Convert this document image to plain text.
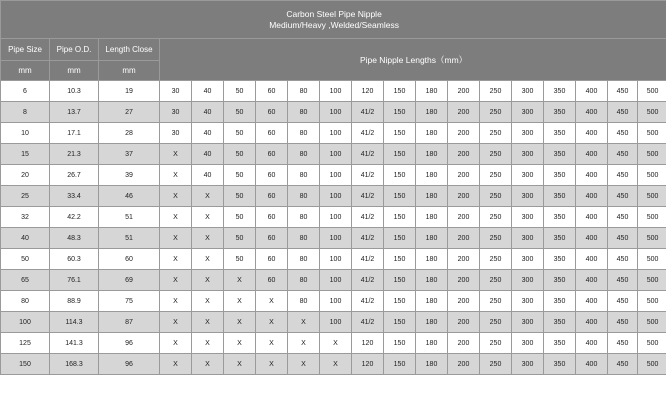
Carbon Steel Pipe Nipple
Medium/Heavy ,Welded/Seamless																		

Pipe Size	Pipe O.D.	Length Close	Pipe Nipple Lengths（mm）															
mm	mm	mm																
6	10.3	19	30	40	50	60	80	100	120	150	180	200	250	300	350	400	450	500
8	13.7	27	30	40	50	60	80	100	41/2	150	180	200	250	300	350	400	450	500
10	17.1	28	30	40	50	60	80	100	41/2	150	180	200	250	300	350	400	450	500
15	21.3	37	X	40	50	60	80	100	41/2	150	180	200	250	300	350	400	450	500
20	26.7	39	X	40	50	60	80	100	41/2	150	180	200	250	300	350	400	450	500
25	33.4	46	X	X	50	60	80	100	41/2	150	180	200	250	300	350	400	450	500
32	42.2	51	X	X	50	60	80	100	41/2	150	180	200	250	300	350	400	450	500
40	48.3	51	X	X	50	60	80	100	41/2	150	180	200	250	300	350	400	450	500
50	60.3	60	X	X	50	60	80	100	41/2	150	180	200	250	300	350	400	450	500
65	76.1	69	X	X	X	60	80	100	41/2	150	180	200	250	300	350	400	450	500
80	88.9	75	X	X	X	X	80	100	41/2	150	180	200	250	300	350	400	450	500
100	114.3	87	X	X	X	X	X	100	41/2	150	180	200	250	300	350	400	450	500
125	141.3	96	X	X	X	X	X	X	120	150	180	200	250	300	350	400	450	500
150	168.3	96	X	X	X	X	X	X	120	150	180	200	250	300	350	400	450	500
